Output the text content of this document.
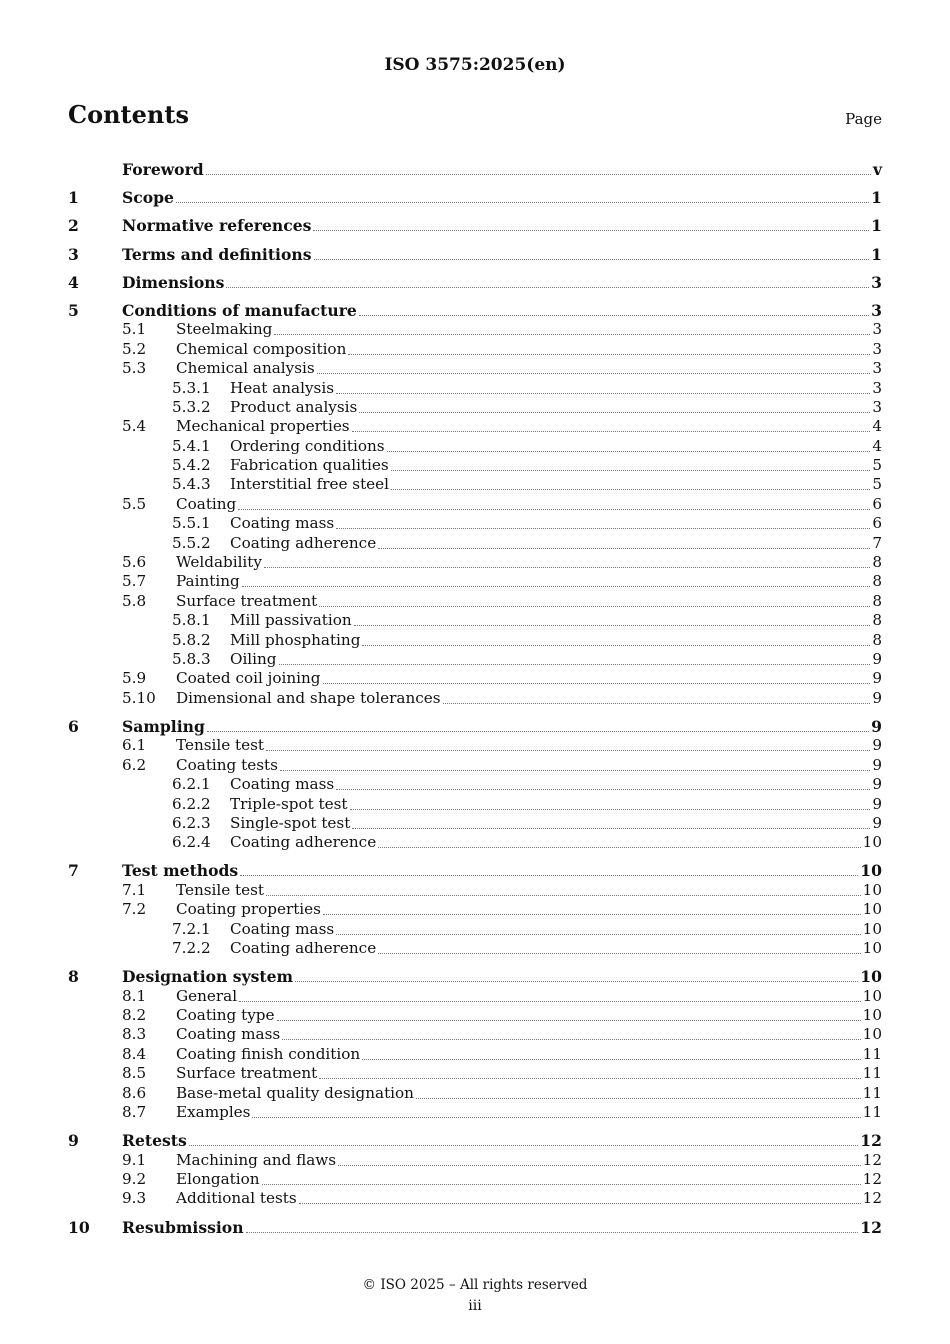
ISO 3575:2025(en)
Contents	Page
Foreword	v
1	Scope	1
2	Normative references	1
3	Terms and definitions	1
4	Dimensions	3
5	Conditions of manufacture	3
5.1	Steelmaking	3
5.2	Chemical composition	3
5.3	Chemical analysis	3
5.3.1	Heat analysis	3
5.3.2	Product analysis	3
5.4	Mechanical properties	4
5.4.1	Ordering conditions	4
5.4.2	Fabrication qualities	5
5.4.3	Interstitial free steel	5
5.5	Coating	6
5.5.1	Coating mass	6
5.5.2	Coating adherence	7
5.6	Weldability	8
5.7	Painting	8
5.8	Surface treatment	8
5.8.1	Mill passivation	8
5.8.2	Mill phosphating	8
5.8.3	Oiling	9
5.9	Coated coil joining	9
5.10	Dimensional and shape tolerances	9
6	Sampling	9
6.1	Tensile test	9
6.2	Coating tests	9
6.2.1	Coating mass	9
6.2.2	Triple-spot test	9
6.2.3	Single-spot test	9
6.2.4	Coating adherence	10
7	Test methods	10
7.1	Tensile test	10
7.2	Coating properties	10
7.2.1	Coating mass	10
7.2.2	Coating adherence	10
8	Designation system	10
8.1	General	10
8.2	Coating type	10
8.3	Coating mass	10
8.4	Coating finish condition	11
8.5	Surface treatment	11
8.6	Base-metal quality designation	11
8.7	Examples	11
9	Retests	12
9.1	Machining and flaws	12
9.2	Elongation	12
9.3	Additional tests	12
10	Resubmission	12
© ISO 2025 – All rights reserved
iii
